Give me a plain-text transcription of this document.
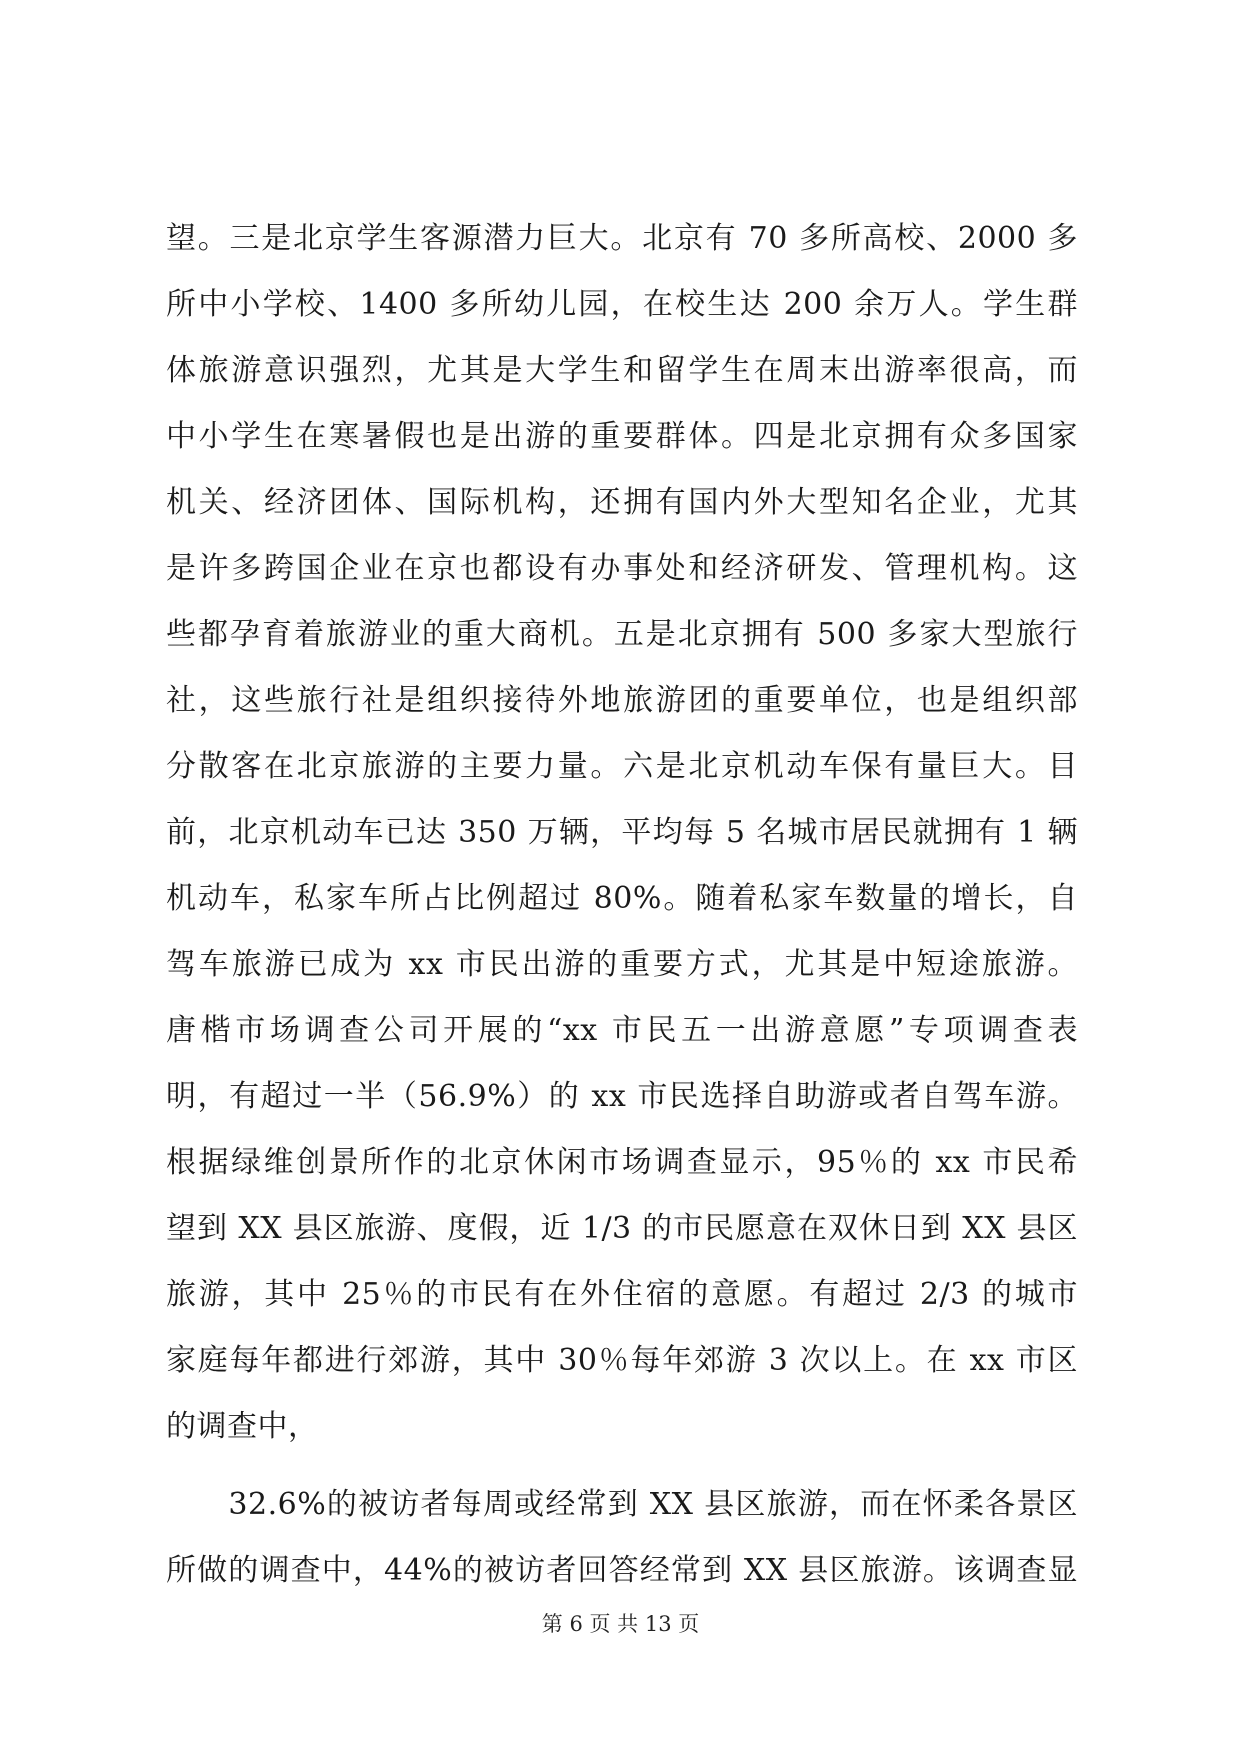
望。三是北京学生客源潜力巨大。北京有 70 多所高校、2000 多
所中小学校、1400 多所幼儿园，在校生达 200 余万人。学生群
体旅游意识强烈，尤其是大学生和留学生在周末出游率很高，而
中小学生在寒暑假也是出游的重要群体。四是北京拥有众多国家
机关、经济团体、国际机构，还拥有国内外大型知名企业，尤其
是许多跨国企业在京也都设有办事处和经济研发、管理机构。这
些都孕育着旅游业的重大商机。五是北京拥有 500 多家大型旅行
社，这些旅行社是组织接待外地旅游团的重要单位，也是组织部
分散客在北京旅游的主要力量。六是北京机动车保有量巨大。目
前，北京机动车已达 350 万辆，平均每 5 名城市居民就拥有 1 辆
机动车，私家车所占比例超过 80%。随着私家车数量的增长，自
驾车旅游已成为 xx 市民出游的重要方式，尤其是中短途旅游。
唐楷市场调查公司开展的“xx 市民五一出游意愿”专项调查表
明，有超过一半（56.9%）的 xx 市民选择自助游或者自驾车游。
根据绿维创景所作的北京休闲市场调查显示，95％的 xx 市民希
望到 XX 县区旅游、度假，近 1/3 的市民愿意在双休日到 XX 县区
旅游，其中 25％的市民有在外住宿的意愿。有超过 2/3 的城市
家庭每年都进行郊游，其中 30％每年郊游 3 次以上。在 xx 市区
的调查中，
　　32.6%的被访者每周或经常到 XX 县区旅游，而在怀柔各景区
所做的调查中，44%的被访者回答经常到 XX 县区旅游。该调查显
第 6 页 共 13 页
